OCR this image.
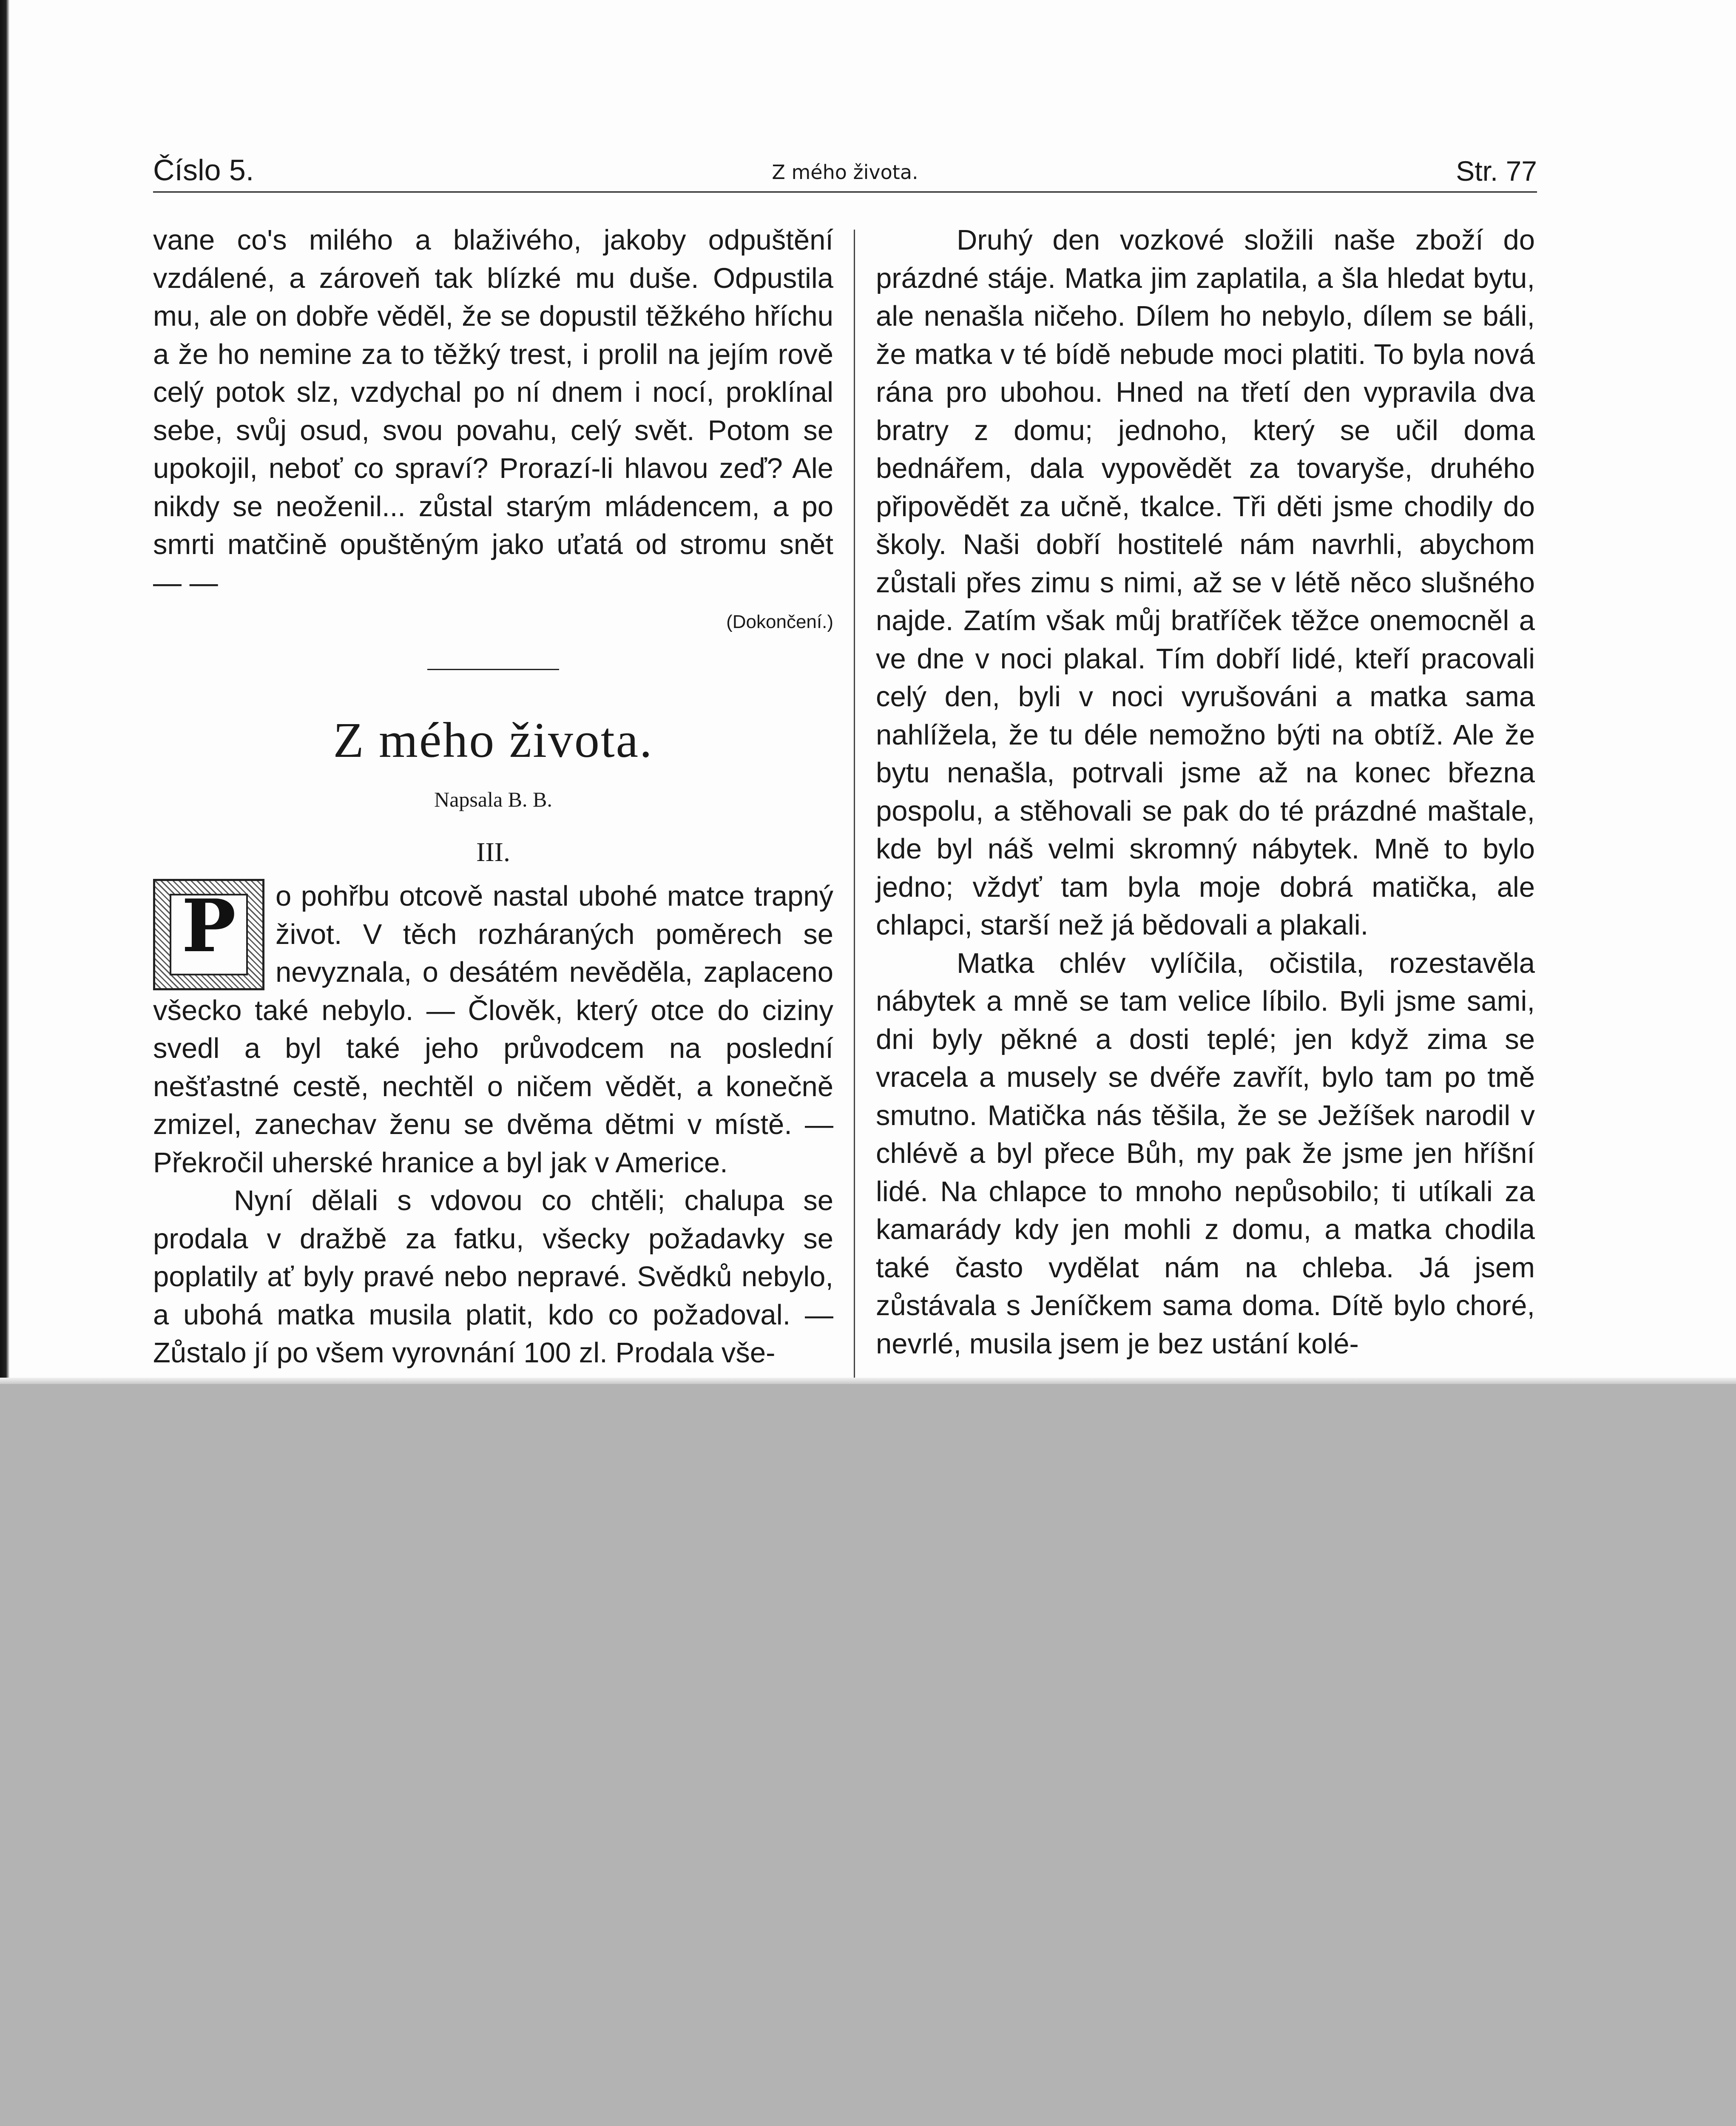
Číslo 5.	Z mého života.	Str. 77

vane co's milého a blaživého, jakoby odpuštění vzdálené, a zároveň tak blízké mu duše. Odpustila mu, ale on dobře věděl, že se dopustil těžkého hříchu a že ho nemine za to těžký trest, i prolil na jejím rově celý potok slz, vzdychal po ní dnem i nocí, proklínal sebe, svůj osud, svou povahu, celý svět. Potom se upokojil, neboť co spraví? Prorazí-li hlavou zeď? Ale nikdy se neoženil... zůstal starým mládencem, a po smrti matčině opuštěným jako uťatá od stromu snět — —

(Dokončení.)
Z mého života.
Napsala B. B.
III.
P	o pohřbu otcově nastal ubohé matce trapný život. V těch rozháraných poměrech se nevyznala, o desátém nevěděla, zaplaceno všecko také nebylo. — Člověk, který otce do ciziny svedl a byl také jeho průvodcem na poslední nešťastné cestě, nechtěl o ničem vědět, a konečně zmizel, zanechav ženu se dvěma dětmi v místě. — Překročil uherské hranice a byl jak v Americe.

Nyní dělali s vdovou co chtěli; chalupa se prodala v dražbě za fatku, všecky požadavky se poplatily ať byly pravé nebo nepravé. Svědků nebylo, a ubohá matka musila platit, kdo co požadoval. — Zůstalo jí po všem vyrovnání 100 zl. Prodala vše-

Druhý den vozkové složili naše zboží do prázdné stáje. Matka jim zaplatila, a šla hledat bytu, ale nenašla ničeho. Dílem ho nebylo, dílem se báli, že matka v té bídě nebude moci platiti. To byla nová rána pro ubohou. Hned na třetí den vypravila dva bratry z domu; jednoho, který se učil doma bednářem, dala vypovědět za tovaryše, druhého připovědět za učně, tkalce. Tři děti jsme chodily do školy. Naši dobří hostitelé nám navrhli, abychom zůstali přes zimu s nimi, až se v létě něco slušného najde. Zatím však můj bratříček těžce onemocněl a ve dne v noci plakal. Tím dobří lidé, kteří pracovali celý den, byli v noci vyrušováni a matka sama nahlížela, že tu déle nemožno býti na obtíž. Ale že bytu nenašla, potrvali jsme až na konec března pospolu, a stěhovali se pak do té prázdné maštale, kde byl náš velmi skromný nábytek. Mně to bylo jedno; vždyť tam byla moje dobrá matička, ale chlapci, starší než já bědovali a plakali.

Matka chlév vylíčila, očistila, rozestavěla nábytek a mně se tam velice líbilo. Byli jsme sami, dni byly pěkné a dosti teplé; jen když zima se vracela a musely se dvéře zavřít, bylo tam po tmě smutno. Matička nás těšila, že se Ježíšek narodil v chlévě a byl přece Bůh, my pak že jsme jen hříšní lidé. Na chlapce to mnoho nepůsobilo; ti utíkali za kamarády kdy jen mohli z domu, a matka chodila také často vydělat nám na chleba. Já jsem zůstávala s Jeníčkem sama doma. Dítě bylo choré, nevrlé, musila jsem je bez ustání kolé-
